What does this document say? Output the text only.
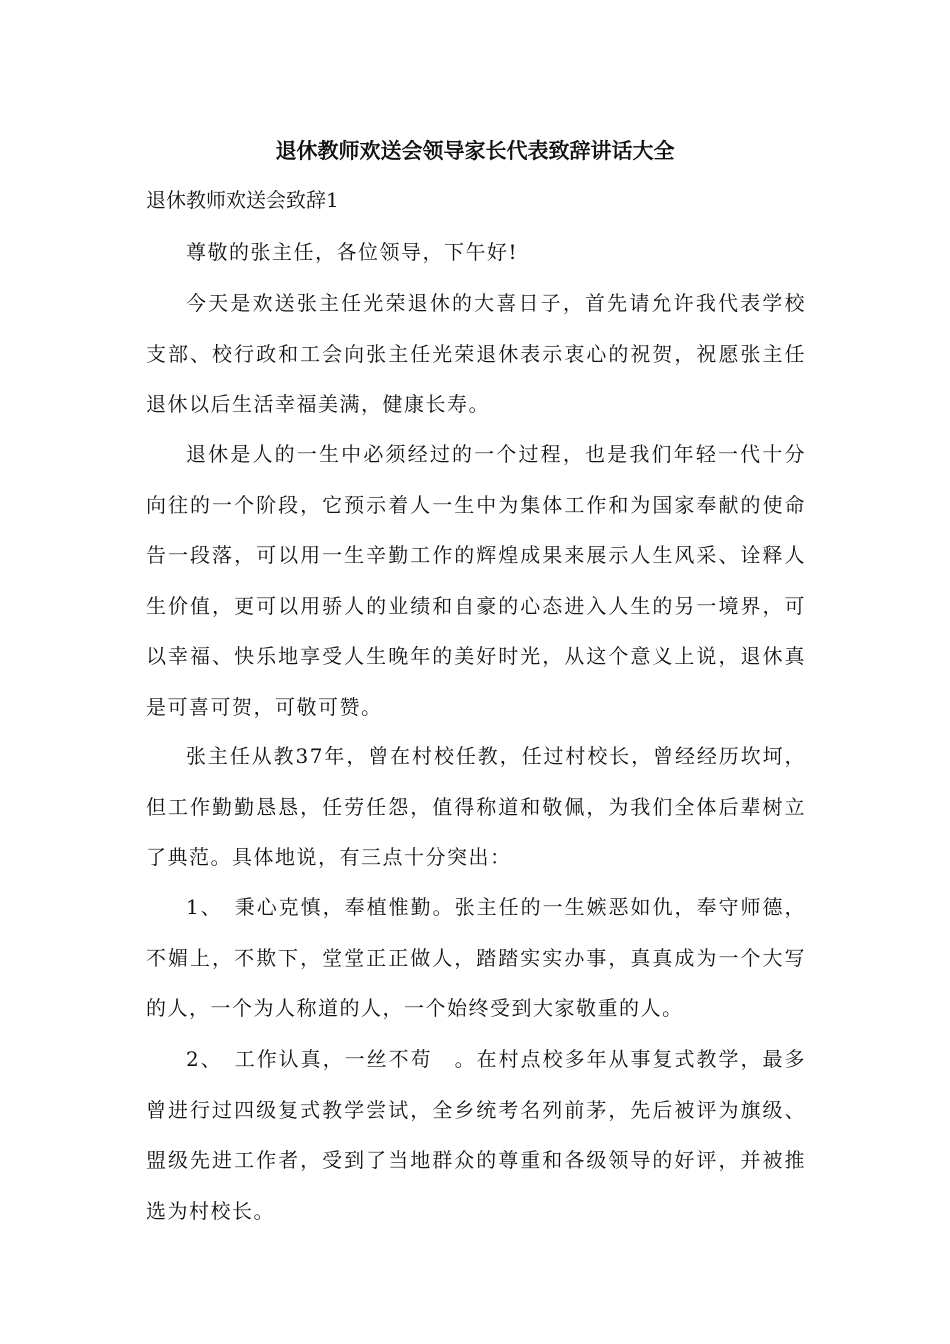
退休教师欢送会领导家长代表致辞讲话大全
退休教师欢送会致辞1

尊敬的张主任，各位领导，下午好!

今天是欢送张主任光荣退休的大喜日子，首先请允许我代表学校支部、校行政和工会向张主任光荣退休表示衷心的祝贺，祝愿张主任退休以后生活幸福美满，健康长寿。

退休是人的一生中必须经过的一个过程，也是我们年轻一代十分向往的一个阶段，它预示着人一生中为集体工作和为国家奉献的使命告一段落，可以用一生辛勤工作的辉煌成果来展示人生风采、诠释人生价值，更可以用骄人的业绩和自豪的心态进入人生的另一境界，可以幸福、快乐地享受人生晚年的美好时光，从这个意义上说，退休真是可喜可贺，可敬可赞。

张主任从教37年，曾在村校任教，任过村校长，曾经经历坎坷，但工作勤勤恳恳，任劳任怨，值得称道和敬佩，为我们全体后辈树立了典范。具体地说，有三点十分突出：

1、　秉心克慎，奉植惟勤。张主任的一生嫉恶如仇，奉守师德，不媚上，不欺下，堂堂正正做人，踏踏实实办事，真真成为一个大写的人，一个为人称道的人，一个始终受到大家敬重的人。

2、　工作认真，一丝不苟　。在村点校多年从事复式教学，最多曾进行过四级复式教学尝试，全乡统考名列前茅，先后被评为旗级、盟级先进工作者，受到了当地群众的尊重和各级领导的好评，并被推选为村校长。
